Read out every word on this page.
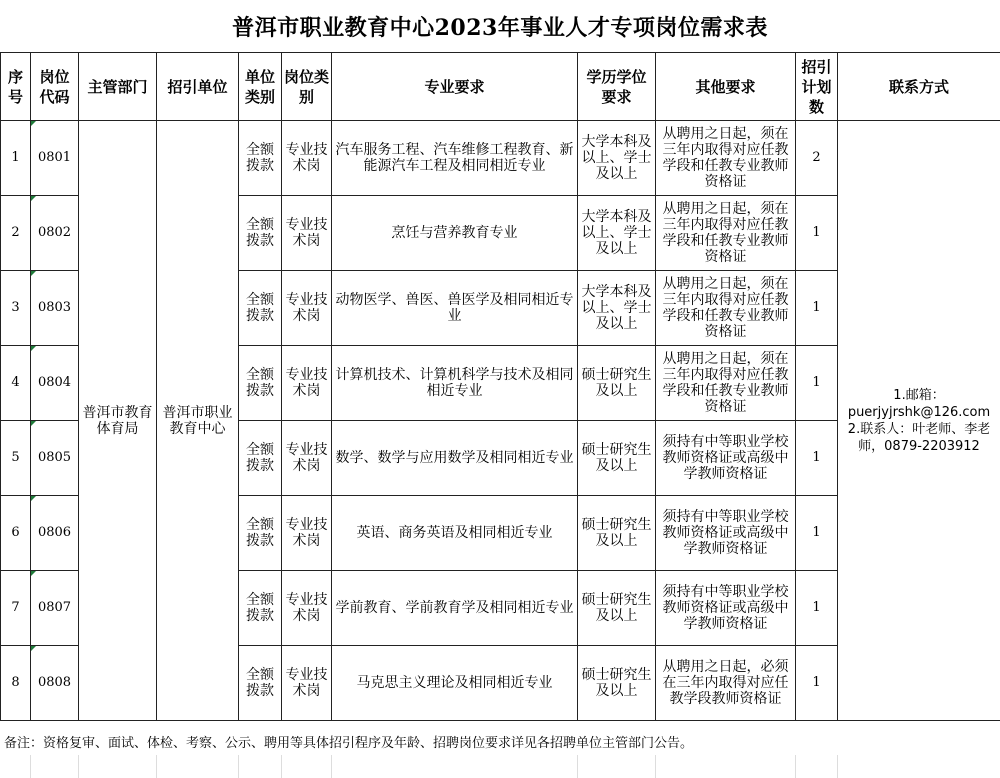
普洱市职业教育中心2023年事业人才专项岗位需求表
序号	岗位代码	主管部门	招引单位	单位类别	岗位类别	专业要求	学历学位要求	其他要求	招引计划数	联系方式
1	0801	普洱市教育体育局	普洱市职业教育中心	全额拨款	专业技术岗	汽车服务工程、汽车维修工程教育、新能源汽车工程及相同相近专业	大学本科及以上、学士及以上	从聘用之日起，须在三年内取得对应任教学段和任教专业教师资格证	2	1.邮箱：
puerjyjrshk@126.com
2.联系人：叶老师、李老师，0879-2203912

2	0802			全额拨款	专业技术岗	烹饪与营养教育专业	大学本科及以上、学士及以上	从聘用之日起，须在三年内取得对应任教学段和任教专业教师资格证	1	
3	0803			全额拨款	专业技术岗	动物医学、兽医、兽医学及相同相近专业	大学本科及以上、学士及以上	从聘用之日起，须在三年内取得对应任教学段和任教专业教师资格证	1	
4	0804			全额拨款	专业技术岗	计算机技术、计算机科学与技术及相同相近专业	硕士研究生及以上	从聘用之日起，须在三年内取得对应任教学段和任教专业教师资格证	1	
5	0805			全额拨款	专业技术岗	数学、数学与应用数学及相同相近专业	硕士研究生及以上	须持有中等职业学校教师资格证或高级中学教师资格证	1	
6	0806			全额拨款	专业技术岗	英语、商务英语及相同相近专业	硕士研究生及以上	须持有中等职业学校教师资格证或高级中学教师资格证	1	
7	0807			全额拨款	专业技术岗	学前教育、学前教育学及相同相近专业	硕士研究生及以上	须持有中等职业学校教师资格证或高级中学教师资格证	1	
8	0808			全额拨款	专业技术岗	马克思主义理论及相同相近专业	硕士研究生及以上	从聘用之日起，必须在三年内取得对应任教学段教师资格证	1	
备注：资格复审、面试、体检、考察、公示、聘用等具体招引程序及年龄、招聘岗位要求详见各招聘单位主管部门公告。
